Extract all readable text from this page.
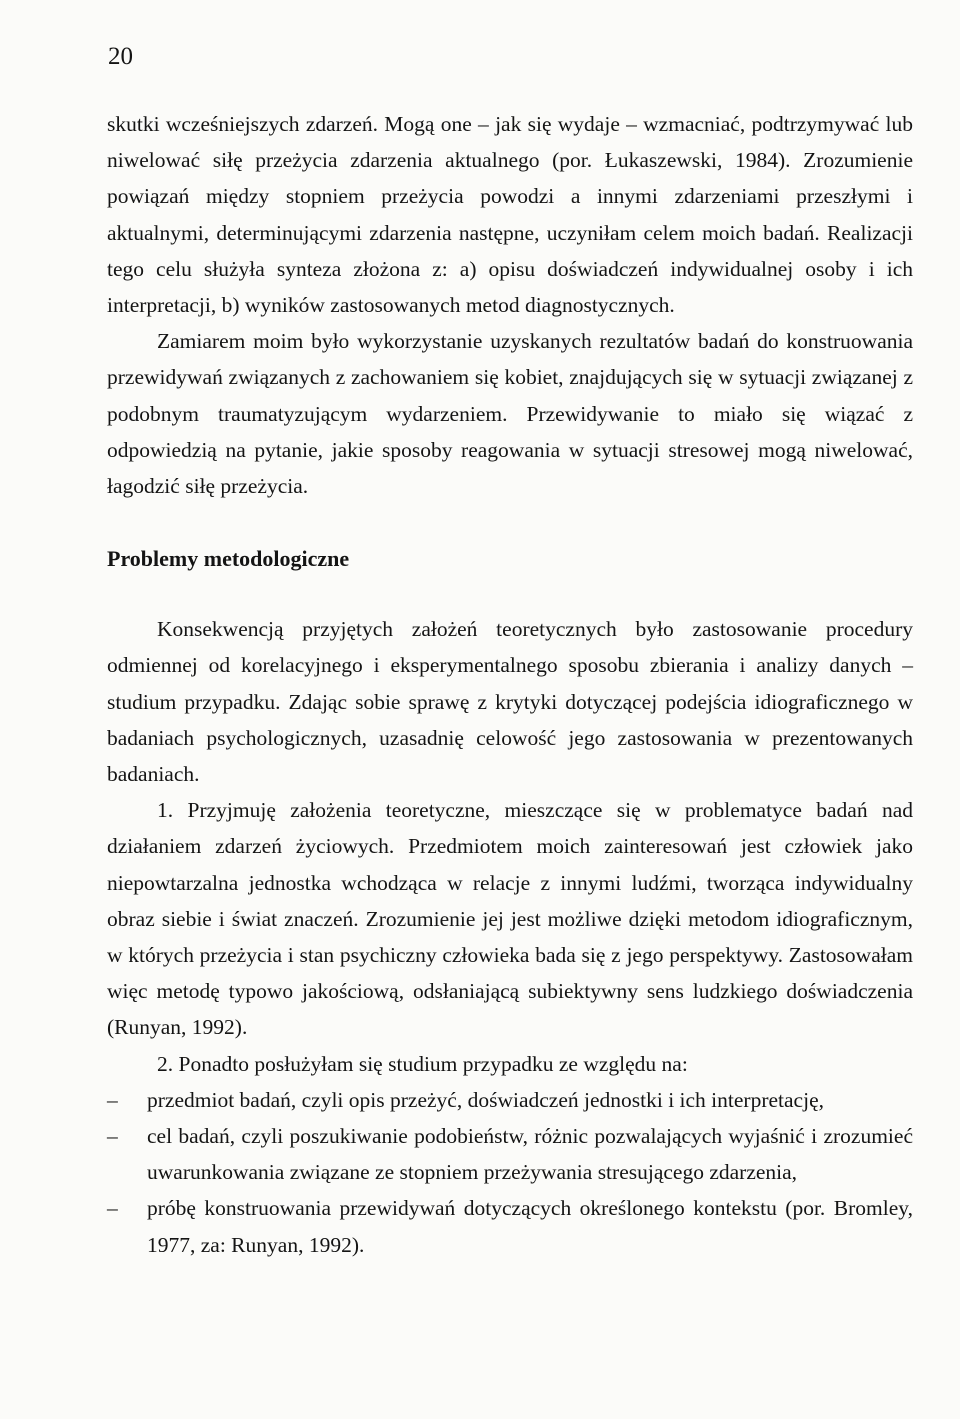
20

skutki wcześniejszych zdarzeń. Mogą one – jak się wydaje – wzmacniać, podtrzymywać lub niwelować siłę przeżycia zdarzenia aktualnego (por. Łukaszewski, 1984). Zrozumienie powiązań między stopniem przeżycia powodzi a innymi zdarzeniami przeszłymi i aktualnymi, determinującymi zdarzenia następne, uczyniłam celem moich badań. Realizacji tego celu służyła synteza złożona z: a) opisu doświadczeń indywidualnej osoby i ich interpretacji, b) wyników zastosowanych metod diagnostycznych.

Zamiarem moim było wykorzystanie uzyskanych rezultatów badań do konstruowania przewidywań związanych z zachowaniem się kobiet, znajdujących się w sytuacji związanej z podobnym traumatyzującym wydarzeniem. Przewidywanie to miało się wiązać z odpowiedzią na pytanie, jakie sposoby reagowania w sytuacji stresowej mogą niwelować, łagodzić siłę przeżycia.

Problemy metodologiczne

Konsekwencją przyjętych założeń teoretycznych było zastosowanie procedury odmiennej od korelacyjnego i eksperymentalnego sposobu zbierania i analizy danych – studium przypadku. Zdając sobie sprawę z krytyki dotyczącej podejścia idiograficznego w badaniach psychologicznych, uzasadnię celowość jego zastosowania w prezentowanych badaniach.

1. Przyjmuję założenia teoretyczne, mieszczące się w problematyce badań nad działaniem zdarzeń życiowych. Przedmiotem moich zainteresowań jest człowiek jako niepowtarzalna jednostka wchodząca w relacje z innymi ludźmi, tworząca indywidualny obraz siebie i świat znaczeń. Zrozumienie jej jest możliwe dzięki metodom idiograficznym, w których przeżycia i stan psychiczny człowieka bada się z jego perspektywy. Zastosowałam więc metodę typowo jakościową, odsłaniającą subiektywny sens ludzkiego doświadczenia (Runyan, 1992).

2. Ponadto posłużyłam się studium przypadku ze względu na:

– przedmiot badań, czyli opis przeżyć, doświadczeń jednostki i ich interpretację,
– cel badań, czyli poszukiwanie podobieństw, różnic pozwalających wyjaśnić i zrozumieć uwarunkowania związane ze stopniem przeżywania stresującego zdarzenia,
– próbę konstruowania przewidywań dotyczących określonego kontekstu (por. Bromley, 1977, za: Runyan, 1992).
